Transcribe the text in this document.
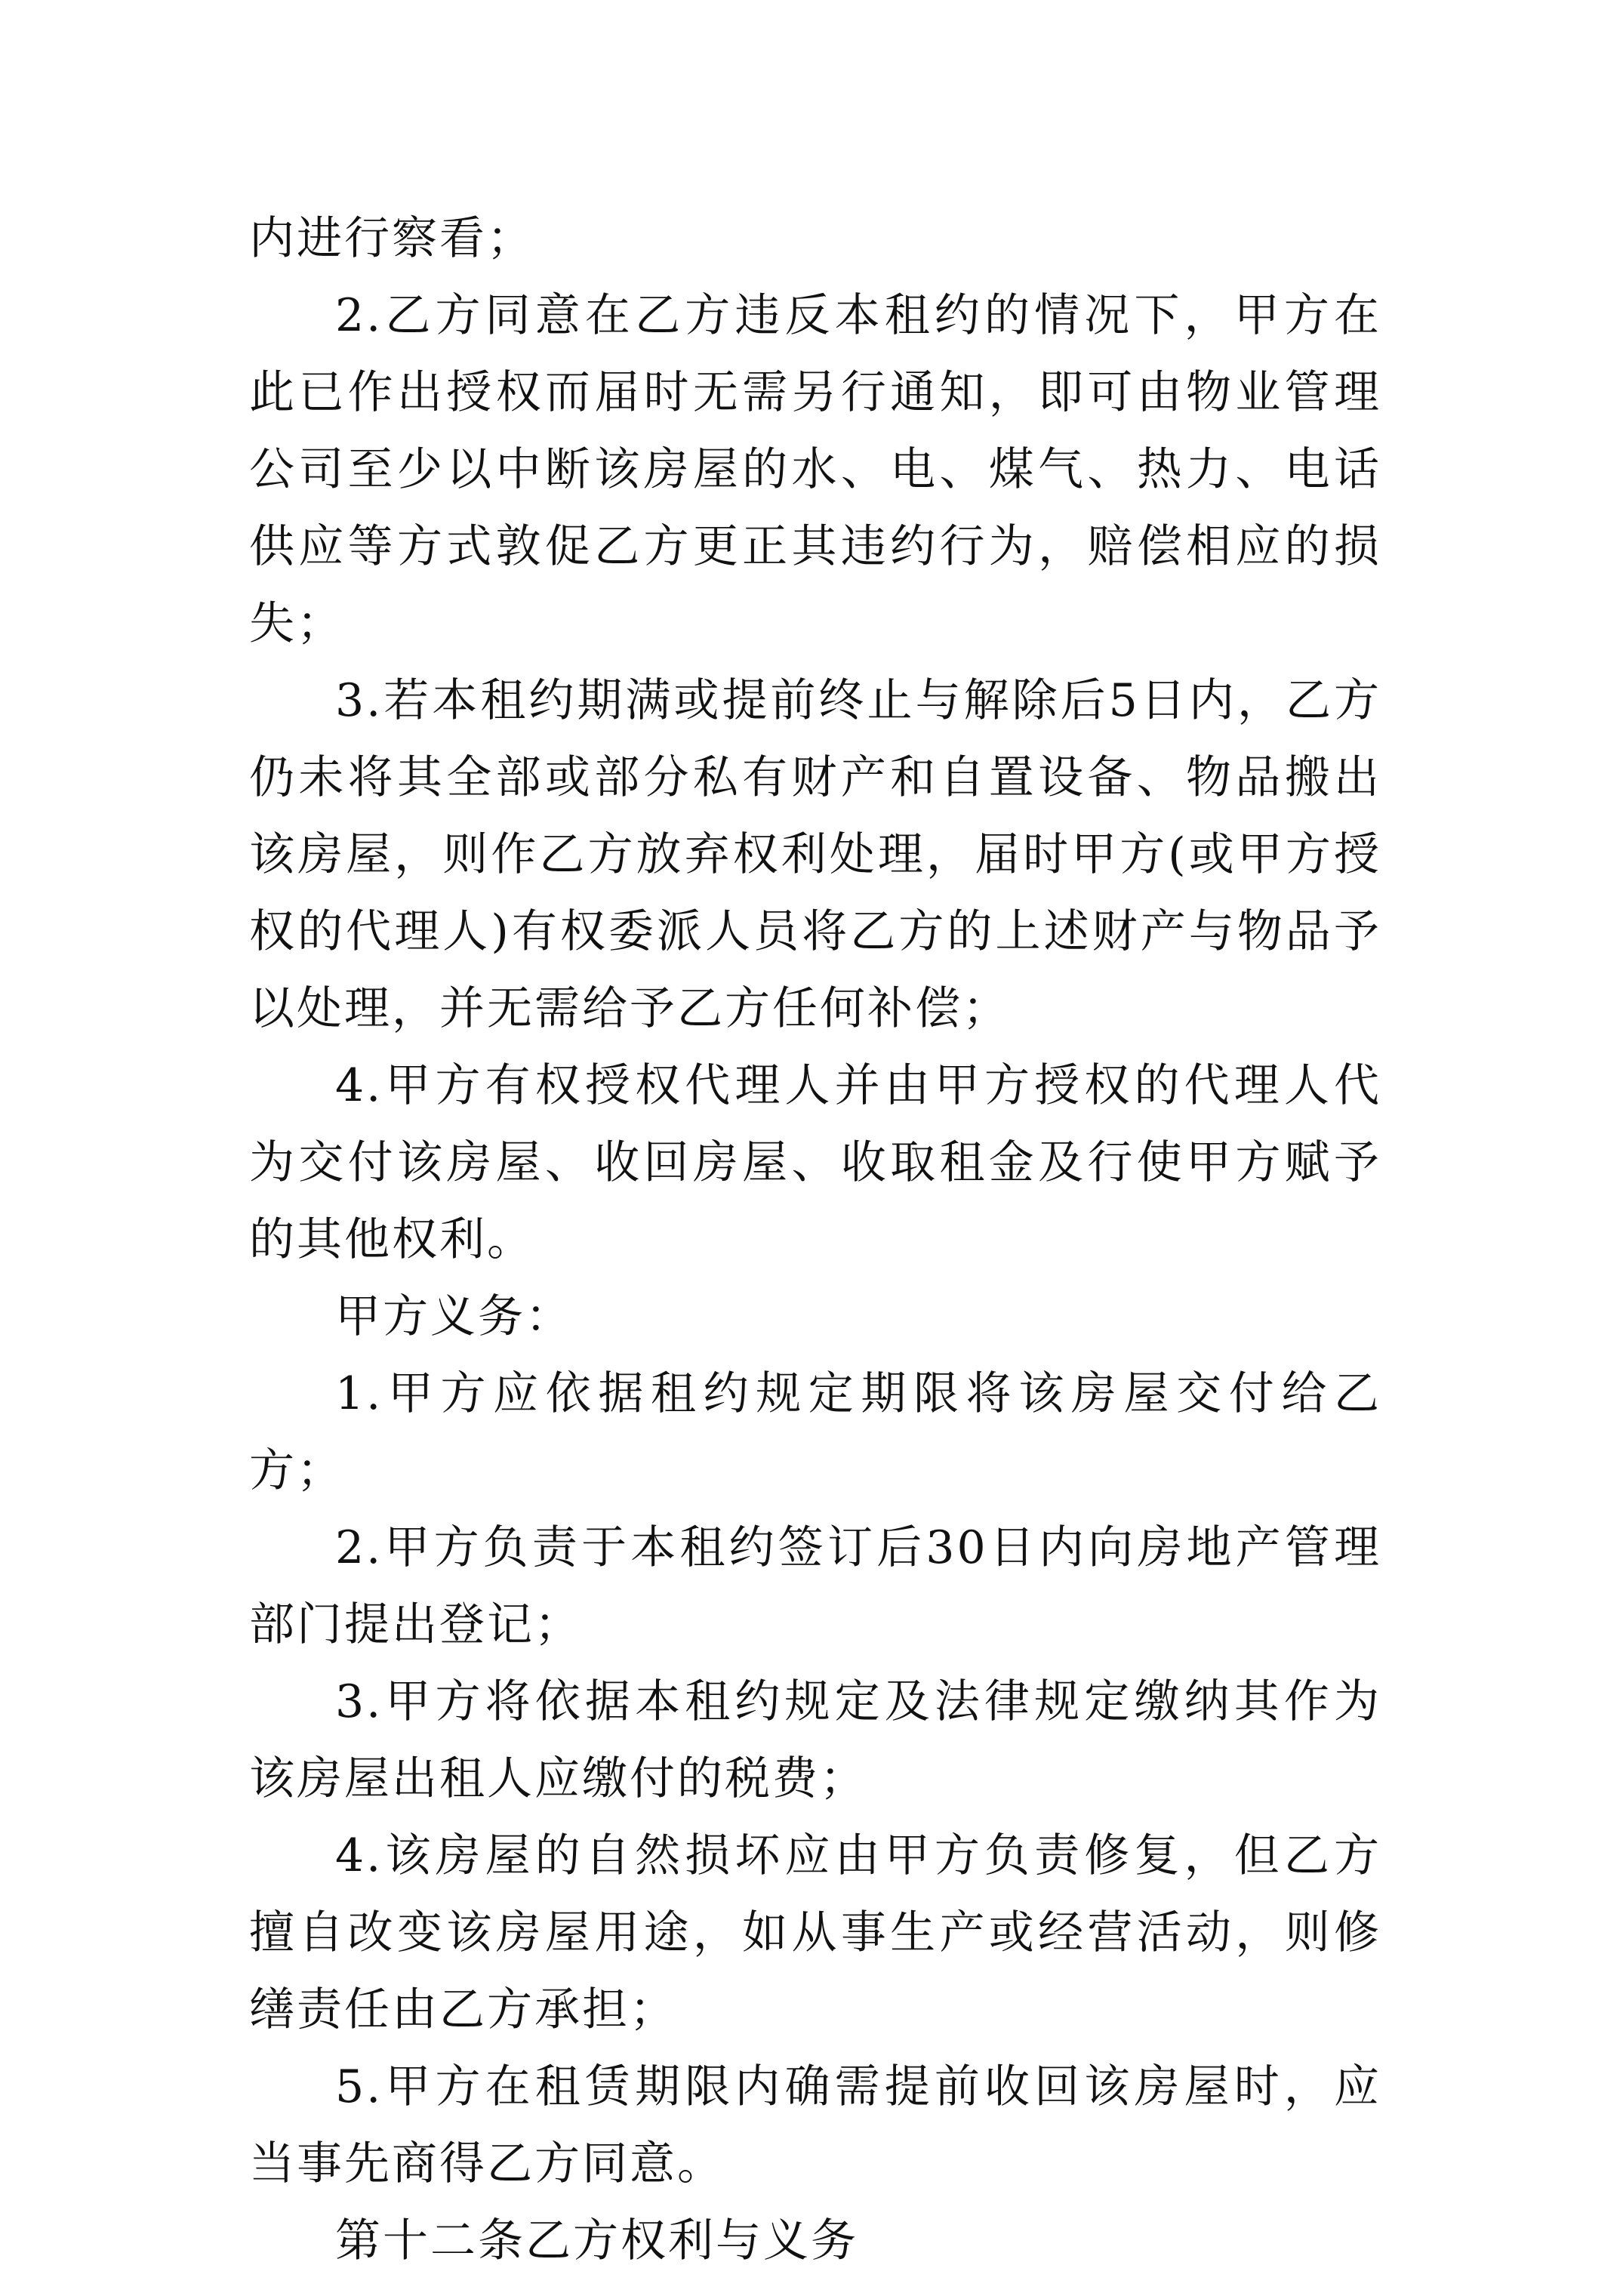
内进行察看；

2.乙方同意在乙方违反本租约的情况下，甲方在此已作出授权而届时无需另行通知，即可由物业管理公司至少以中断该房屋的水、电、煤气、热力、电话供应等方式敦促乙方更正其违约行为，赔偿相应的损失；

3.若本租约期满或提前终止与解除后5日内，乙方仍未将其全部或部分私有财产和自置设备、物品搬出该房屋，则作乙方放弃权利处理，届时甲方(或甲方授权的代理人)有权委派人员将乙方的上述财产与物品予以处理，并无需给予乙方任何补偿；

4.甲方有权授权代理人并由甲方授权的代理人代为交付该房屋、收回房屋、收取租金及行使甲方赋予的其他权利。

甲方义务：

1.甲方应依据租约规定期限将该房屋交付给乙方；

2.甲方负责于本租约签订后30日内向房地产管理部门提出登记；

3.甲方将依据本租约规定及法律规定缴纳其作为该房屋出租人应缴付的税费；

4.该房屋的自然损坏应由甲方负责修复，但乙方擅自改变该房屋用途，如从事生产或经营活动，则修缮责任由乙方承担；

5.甲方在租赁期限内确需提前收回该房屋时，应当事先商得乙方同意。

第十二条乙方权利与义务
